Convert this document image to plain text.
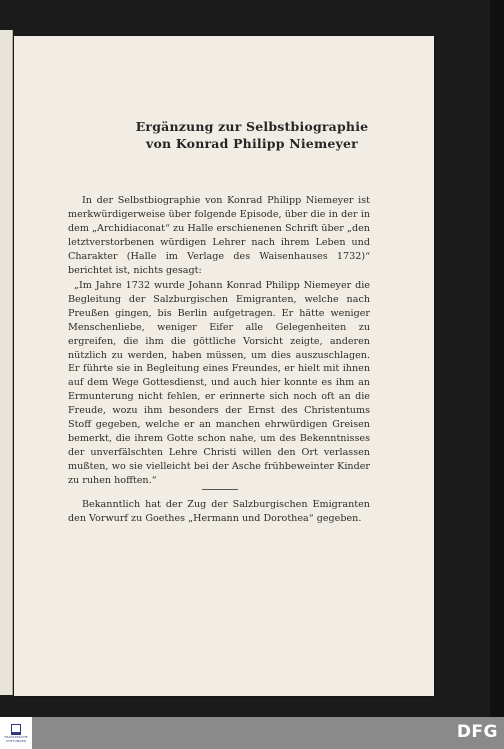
Ergänzung zur Selbstbiographie
von Konrad Philipp Niemeyer
In der Selbstbiographie von Konrad Philipp Niemeyer ist merkwürdigerweise über folgende Episode, über die in der in dem „Archidiaconat“ zu Halle erschienenen Schrift über „den letztverstorbenen würdigen Lehrer nach ihrem Leben und Charakter (Halle im Verlage des Waisenhauses 1732)“ berichtet ist, nichts gesagt:
„Im Jahre 1732 wurde Johann Konrad Philipp Niemeyer die Begleitung der Salzburgischen Emigranten, welche nach Preußen gingen, bis Berlin aufgetragen. Er hätte weniger Menschenliebe, weniger Eifer alle Gelegenheiten zu ergreifen, die ihm die göttliche Vorsicht zeigte, anderen nützlich zu werden, haben müssen, um dies auszuschlagen. Er führte sie in Begleitung eines Freundes, er hielt mit ihnen auf dem Wege Gottesdienst, und auch hier konnte es ihm an Ermunterung nicht fehlen, er erinnerte sich noch oft an die Freude, wozu ihm besonders der Ernst des Christentums Stoff gegeben, welche er an manchen ehrwürdigen Greisen bemerkt, die ihrem Gotte schon nahe, um des Bekenntnisses der unverfälschten Lehre Christi willen den Ort verlassen mußten, wo sie vielleicht bei der Asche frühbeweinter Kinder zu ruhen hofften.“
Bekanntlich hat der Zug der Salzburgischen Emigranten den Vorwurf zu Goethes „Hermann und Dorothea“ gegeben.
FRANCKESCHE STIFTUNGEN	DFG
